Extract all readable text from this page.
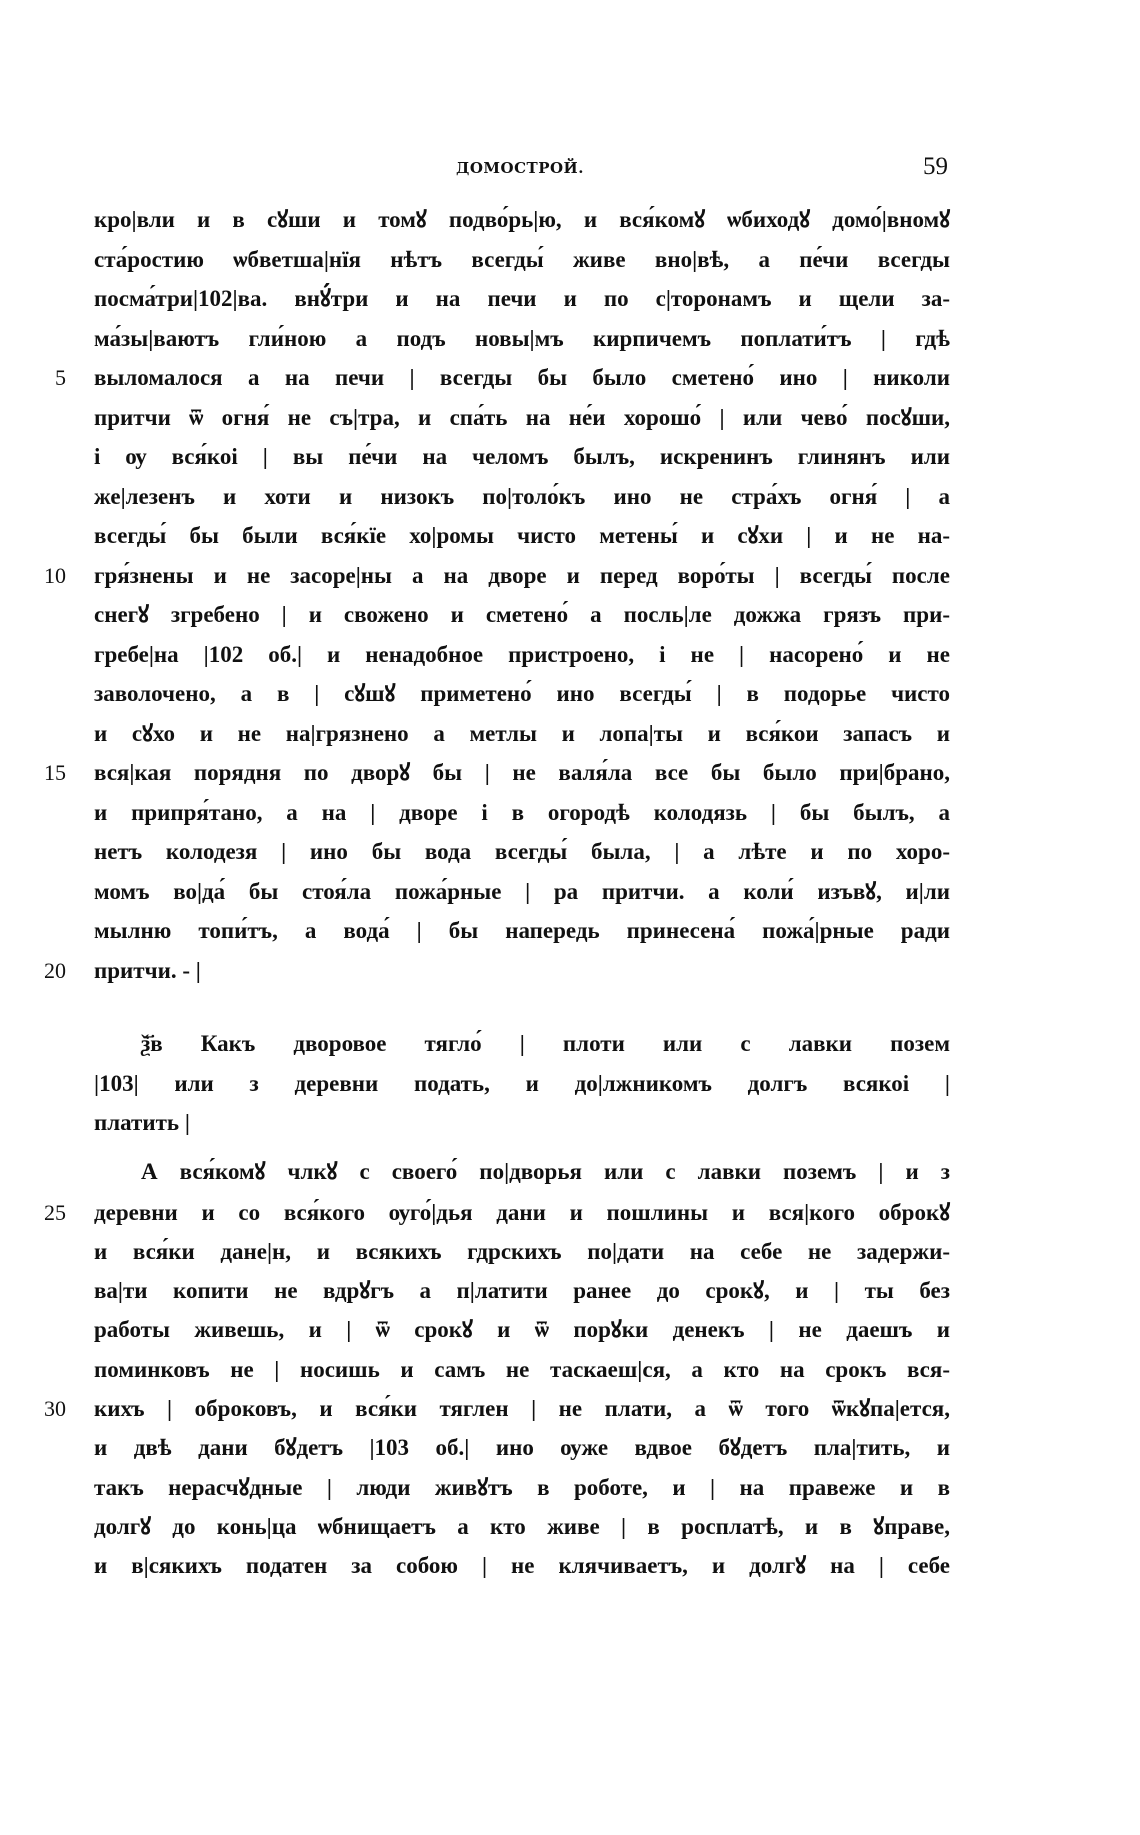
ДОМОСТРОЙ.	59
5
10
15
20
25
30
кро|вли и в сꙋши и томꙋ подво́рь|ю, и вся́комꙋ ѡбиходꙋ домо́|вномꙋ
ста́ростию ѡбветша|нїя нѣтъ всегды́ живе вно|вѣ, а пе́чи всегды
посма́три|102|ва. внꙋ́три и на печи и по с|торонамъ и щели за-
ма́зы|ваютъ гли́ною а подъ новы|мъ кирпичемъ поплати́тъ | гдѣ
выломалося а на печи | всегды бы было сметено́ ино | николи
притчи ѿ огня́ не съ|тра, и спа́ть на не́и хорошо́ | или чево́ посꙋши,
і ѹ вся́коі | вы пе́чи на челомъ былъ, искренинъ глинянъ или
же|лезенъ и хоти и низокъ по|толо́къ ино не стра́хъ огня́ | а
всегды́ бы были вся́кїе хо|ромы чисто метены́ и сꙋхи | и не на-
гря́знены и не засоре|ны а на дворе и перед воро́ты | всегды́ после
снегꙋ згребено | и свожено и сметено́ а посль|ле дожжа грязъ при-
гребе|на |102 об.| и ненадобное пристроено, і не | насорено́ и не
заволочено, а в | сꙋшꙋ приметено́ ино всегды́ | в подорье чисто
и сꙋхо и не на|грязнено а метлы и лопа|ты и вся́кои запасъ и
вся|кая порядня по дворꙋ бы | не валя́ла все бы было при|брано,
и припря́тано, а на | дворе і в огородѣ колодязь | бы былъ, а
нетъ колодезя | ино бы вода всегды́ была, | а лѣте и по хоро-
момъ во|да́ бы стоя́ла пожа́рные | ра притчи. а коли́ изъвꙋ, и|ли
мылню топи́тъ, а вода́ | бы напередь принесена́ пожа́|рные ради
притчи. - |
ѯ҃в Какъ дворовое тягло́ | плоти или с лавки позем
|103| или з деревни подать, и до|лжникомъ долгъ всякоі |
платить |
А вся́комꙋ члкꙋ с своего́ по|дворья или с лавки поземъ | и з
деревни и со вся́кого ѹго́|дья дани и пошлины и вся|кого оброкꙋ
и вся́ки дане|н, и всякихъ гдрскихъ по|дати на себе не задержи-
ва|ти копити не вдрꙋгъ а п|латити ранее до срокꙋ, и | ты без
работы живешь, и | ѿ срокꙋ и ѿ порꙋки денекъ | не даешъ и
поминковъ не | носишь и самъ не таскаеш|ся, а кто на срокъ вся-
кихъ | оброковъ, и вся́ки тяглен | не плати, а ѿ того ѿкꙋпа|ется,
и двѣ дани бꙋдетъ |103 об.| ино ѹже вдвое бꙋдетъ пла|тить, и
такъ нерасчꙋдные | люди живꙋтъ в роботе, и | на правеже и в
долгꙋ до конь|ца ѡбнищаетъ а кто живе | в росплатѣ, и в ꙋправе,
и в|сякихъ податен за собою | не клячиваетъ, и долгꙋ на | себе
